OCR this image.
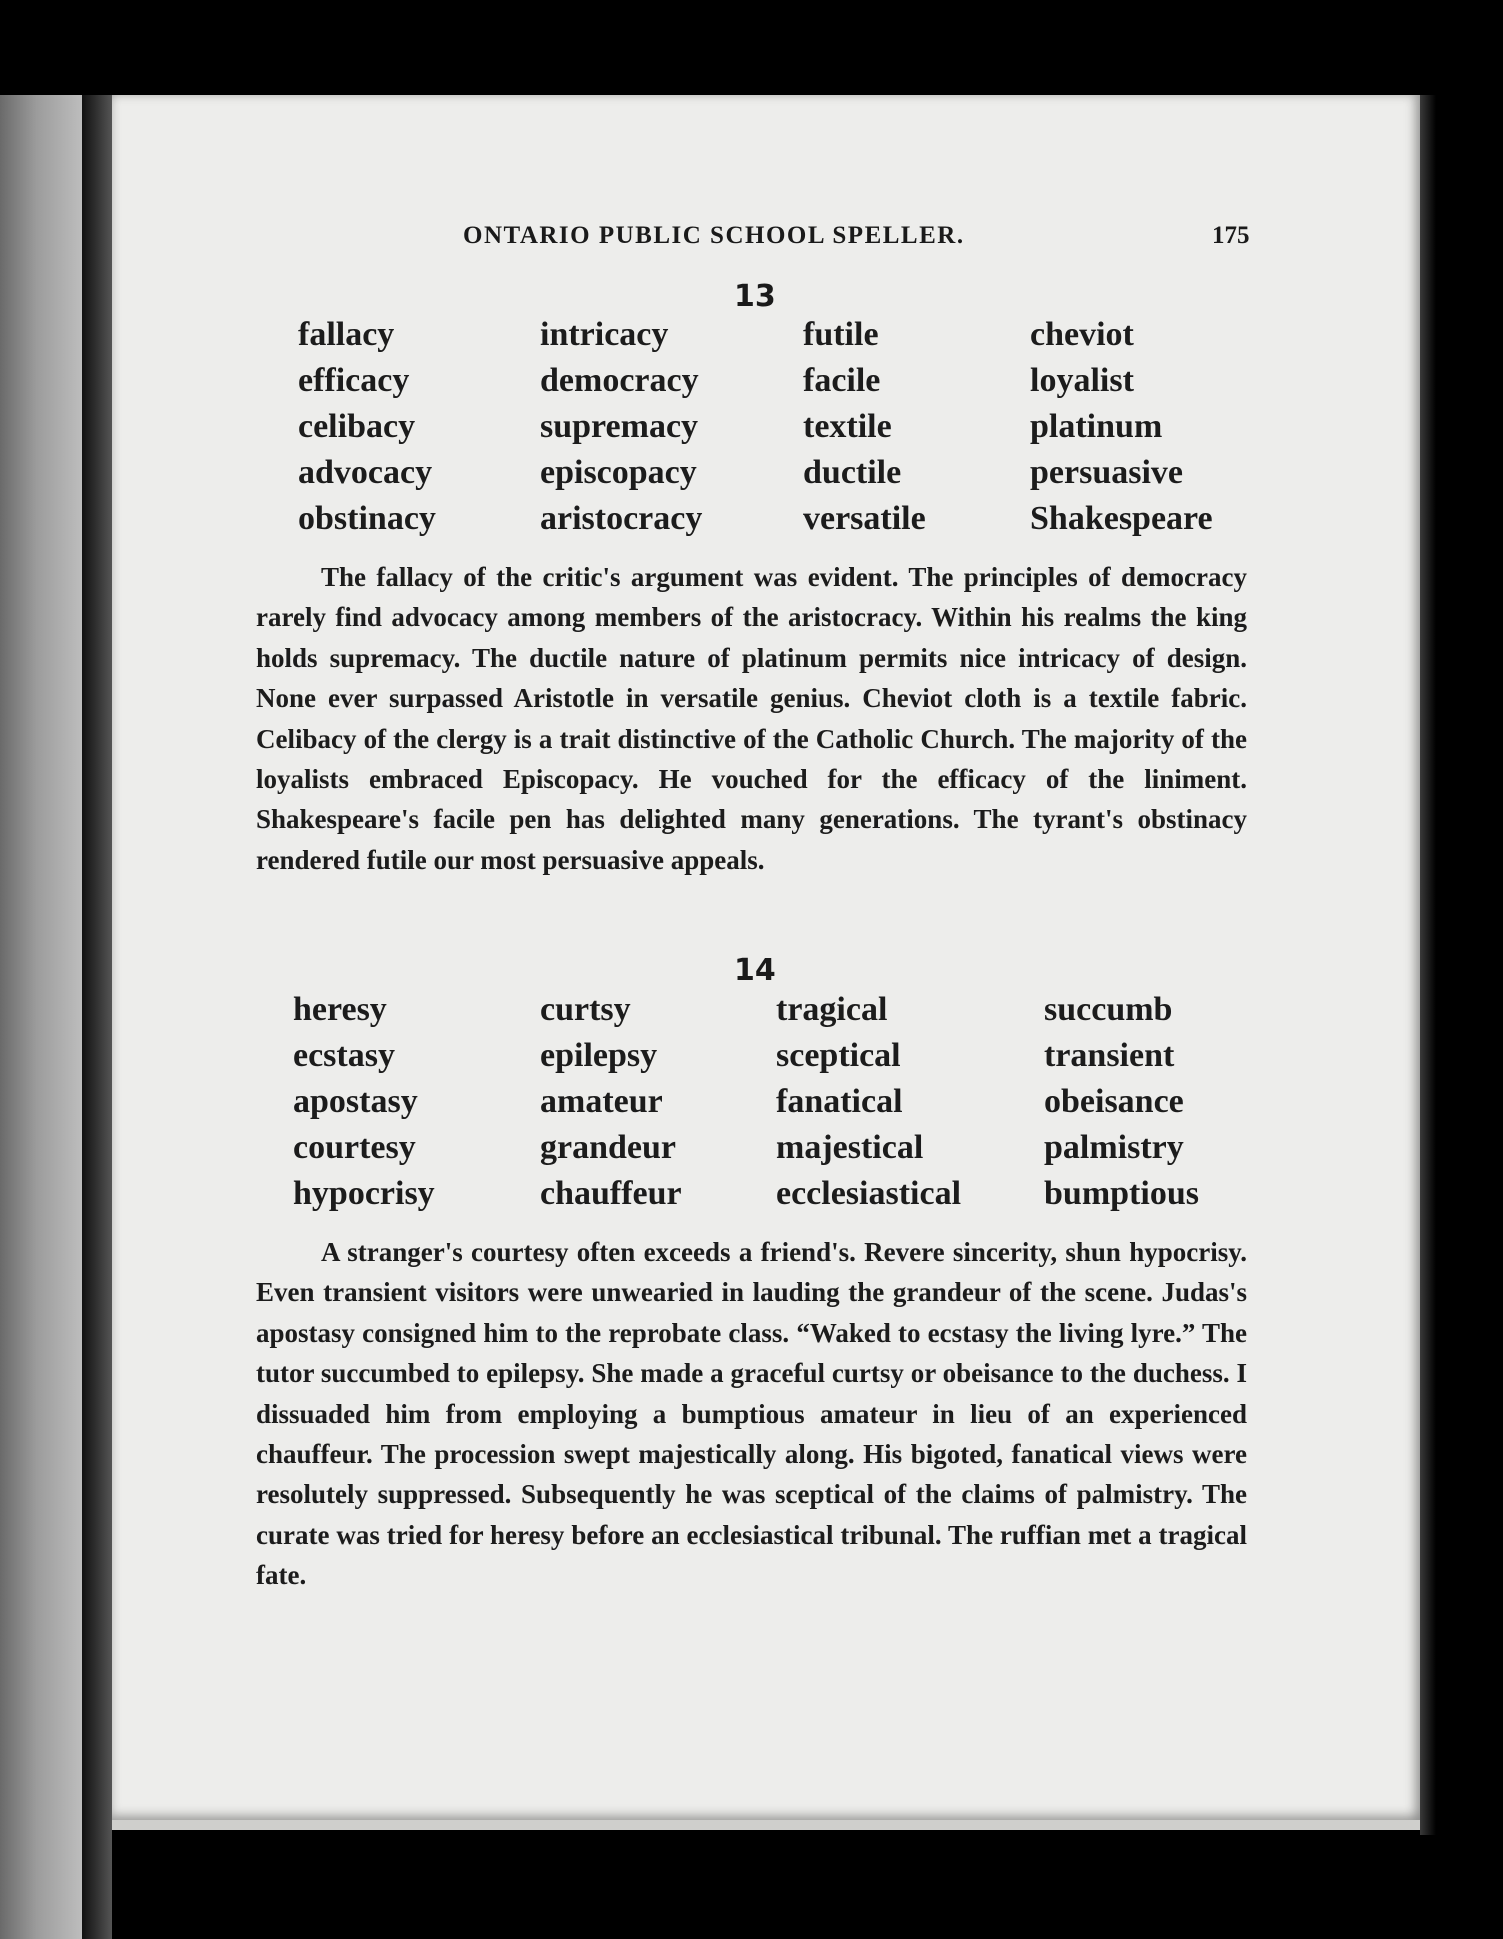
ONTARIO PUBLIC SCHOOL SPELLER.	175
13
fallacy
efficacy
celibacy
advocacy
obstinacy
intricacy
democracy
supremacy
episcopacy
aristocracy
futile
facile
textile
ductile
versatile
cheviot
loyalist
platinum
persuasive
Shakespeare

The fallacy of the critic's argument was evident. The principles of democracy rarely find advocacy among members of the aristocracy. Within his realms the king holds supremacy. The ductile nature of platinum permits nice intricacy of design. None ever surpassed Aristotle in versatile genius. Cheviot cloth is a textile fabric. Celibacy of the clergy is a trait distinctive of the Catholic Church. The majority of the loyalists embraced Episcopacy. He vouched for the efficacy of the liniment. Shakespeare's facile pen has delighted many generations. The tyrant's obstinacy rendered futile our most persuasive appeals.

14
heresy
ecstasy
apostasy
courtesy
hypocrisy
curtsy
epilepsy
amateur
grandeur
chauffeur
tragical
sceptical
fanatical
majestical
ecclesiastical
succumb
transient
obeisance
palmistry
bumptious

A stranger's courtesy often exceeds a friend's. Revere sincerity, shun hypocrisy. Even transient visitors were unwearied in lauding the grandeur of the scene. Judas's apostasy consigned him to the reprobate class. “Waked to ecstasy the living lyre.” The tutor succumbed to epilepsy. She made a graceful curtsy or obeisance to the duchess. I dissuaded him from employing a bumptious amateur in lieu of an experienced chauffeur. The procession swept majestically along. His bigoted, fanatical views were resolutely suppressed. Subsequently he was sceptical of the claims of palmistry. The curate was tried for heresy before an ecclesiastical tribunal. The ruffian met a tragical fate.
